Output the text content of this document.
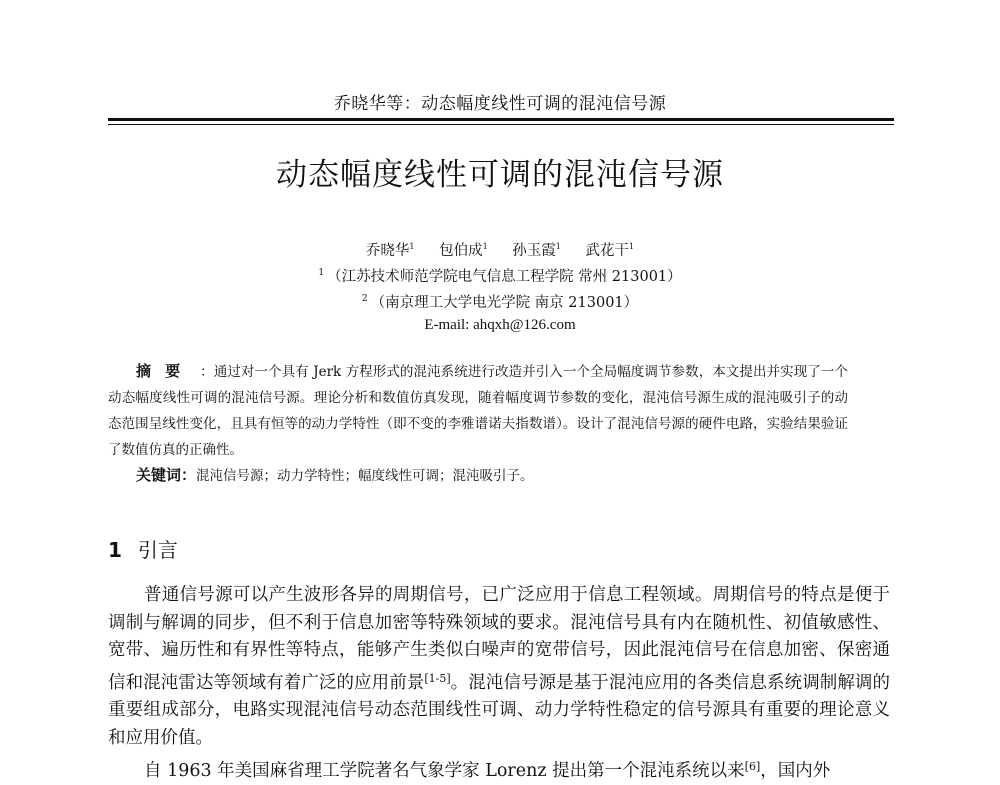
乔晓华等：动态幅度线性可调的混沌信号源
动态幅度线性可调的混沌信号源
乔晓华$^1$ 包伯成$^1$ 孙玉霞$^1$ 武花干$^1$
$^1$ （江苏技术师范学院电气信息工程学院 常州 213001）
$^2$ （南京理工大学电光学院 南京 213001）
E-mail: ahqxh@126.com
摘要 ：通过对一个具有 Jerk 方程形式的混沌系统进行改造并引入一个全局幅度调节参数，本文提出并实现了一个动态幅度线性可调的混沌信号源。理论分析和数值仿真发现，随着幅度调节参数的变化，混沌信号源生成的混沌吸引子的动态范围呈线性变化，且具有恒等的动力学特性（即不变的李雅谱诺夫指数谱）。设计了混沌信号源的硬件电路，实验结果验证了数值仿真的正确性。
关键词：混沌信号源；动力学特性；幅度线性可调；混沌吸引子。
1 引言

普通信号源可以产生波形各异的周期信号，已广泛应用于信息工程领域。周期信号的特点是便于调制与解调的同步，但不利于信息加密等特殊领域的要求。混沌信号具有内在随机性、初值敏感性、宽带、遍历性和有界性等特点，能够产生类似白噪声的宽带信号，因此混沌信号在信息加密、保密通信和混沌雷达等领域有着广泛的应用前景[1-5]。混沌信号源是基于混沌应用的各类信息系统调制解调的重要组成部分，电路实现混沌信号动态范围线性可调、动力学特性稳定的信号源具有重要的理论意义和应用价值。

自 1963 年美国麻省理工学院著名气象学家 Lorenz 提出第一个混沌系统以来[6]，国内外
